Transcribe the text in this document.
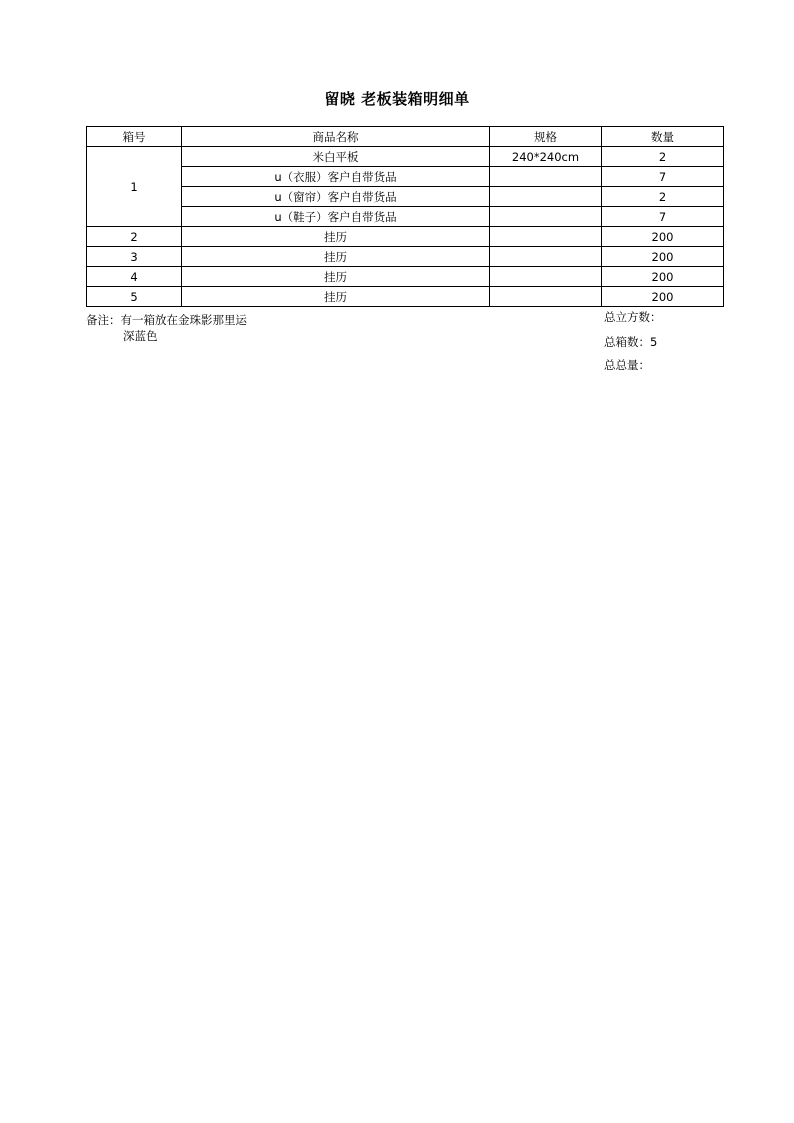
留晓 老板装箱明细单
箱号	商品名称	规格	数量
1	米白平板	240*240cm	2
	u（衣服）客户自带货品		7
	u（窗帘）客户自带货品		2
	u（鞋子）客户自带货品		7
2	挂历		200
3	挂历		200
4	挂历		200
5	挂历		200
备注：有一箱放在金珠影那里运
深蓝色
总立方数：
总箱数：5
总总量：
